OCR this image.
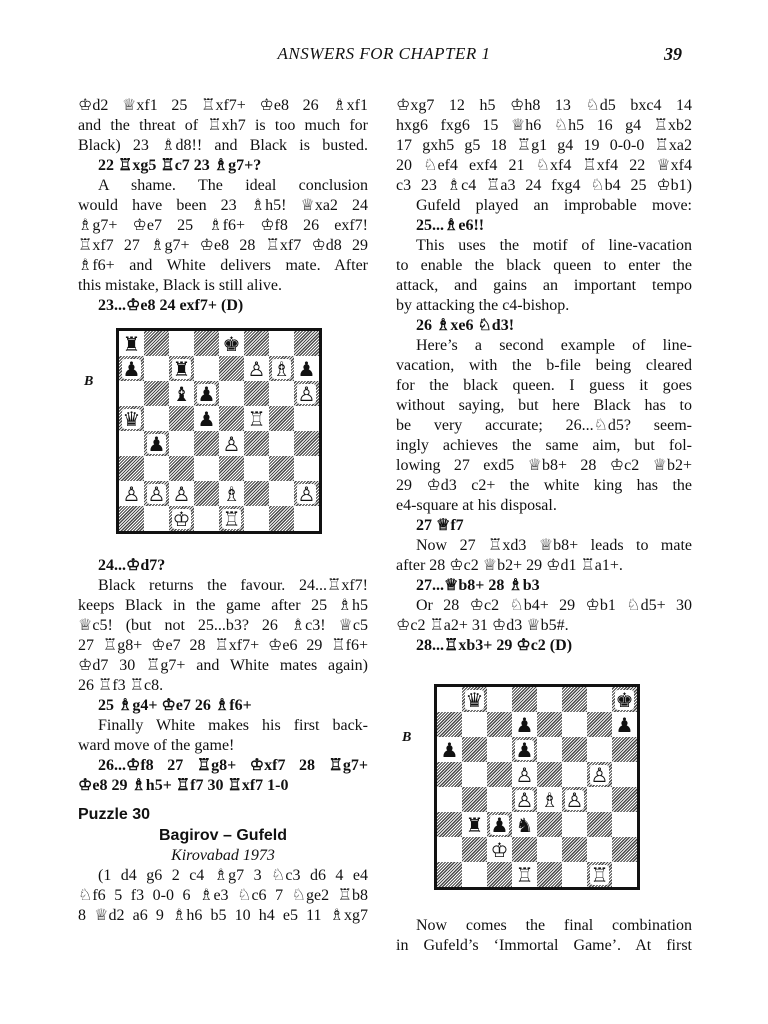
ANSWERS FOR CHAPTER 1	39
♔d2 ♕xf1 25 ♖xf7+ ♔e8 26 ♗xf1
and the threat of ♖xh7 is too much for
Black) 23 ♗d8!! and Black is busted.
22 ♖xg5 ♖c7 23 ♗g7+?
A shame. The ideal conclusion
would have been 23 ♗h5! ♕xa2 24
♗g7+ ♔e7 25 ♗f6+ ♔f8 26 exf7!
♖xf7 27 ♗g7+ ♔e8 28 ♖xf7 ♔d8 29
♗f6+ and White delivers mate. After
this mistake, Black is still alive.
23...♔e8 24 exf7+ (D)
B
♜	♚
♟ ♜	♙ ♗ ♟
♝ ♟	♙
♛	♟ ♖
♟	♙
♙ ♙ ♙ ♗	♙
♔ ♖
24...♔d7?
Black returns the favour. 24...♖xf7!
keeps Black in the game after 25 ♗h5
♕c5! (but not 25...b3? 26 ♗c3! ♕c5
27 ♖g8+ ♔e7 28 ♖xf7+ ♔e6 29 ♖f6+
♔d7 30 ♖g7+ and White mates again)
26 ♖f3 ♖c8.
25 ♗g4+ ♔e7 26 ♗f6+
Finally White makes his first back-
ward move of the game!
26...♔f8 27 ♖g8+ ♔xf7 28 ♖g7+
♔e8 29 ♗h5+ ♖f7 30 ♖xf7 1-0
Puzzle 30
Bagirov – Gufeld
Kirovabad 1973
(1 d4 g6 2 c4 ♗g7 3 ♘c3 d6 4 e4
♘f6 5 f3 0-0 6 ♗e3 ♘c6 7 ♘ge2 ♖b8
8 ♕d2 a6 9 ♗h6 b5 10 h4 e5 11 ♗xg7
♔xg7 12 h5 ♔h8 13 ♘d5 bxc4 14
hxg6 fxg6 15 ♕h6 ♘h5 16 g4 ♖xb2
17 gxh5 g5 18 ♖g1 g4 19 0-0-0 ♖xa2
20 ♘ef4 exf4 21 ♘xf4 ♖xf4 22 ♕xf4
c3 23 ♗c4 ♖a3 24 fxg4 ♘b4 25 ♔b1)
Gufeld played an improbable move:
25...♗e6!!
This uses the motif of line-vacation
to enable the black queen to enter the
attack, and gains an important tempo
by attacking the c4-bishop.
26 ♗xe6 ♘d3!
Here’s a second example of line-
vacation, with the b-file being cleared
for the black queen. I guess it goes
without saying, but here Black has to
be very accurate; 26...♘d5? seem-
ingly achieves the same aim, but fol-
lowing 27 exd5 ♕b8+ 28 ♔c2 ♕b2+
29 ♔d3 c2+ the white king has the
e4-square at his disposal.
27 ♕f7
Now 27 ♖xd3 ♕b8+ leads to mate
after 28 ♔c2 ♕b2+ 29 ♔d1 ♖a1+.
27...♕b8+ 28 ♗b3
Or 28 ♔c2 ♘b4+ 29 ♔b1 ♘d5+ 30
♔c2 ♖a2+ 31 ♔d3 ♕b5#.
28...♖xb3+ 29 ♔c2 (D)
B
♛	♚
♟	♟
♟	♟
♙	♙
♙ ♗ ♙
♜ ♟ ♞
♔
♖	♖
Now comes the final combination
in Gufeld’s ‘Immortal Game’. At first
